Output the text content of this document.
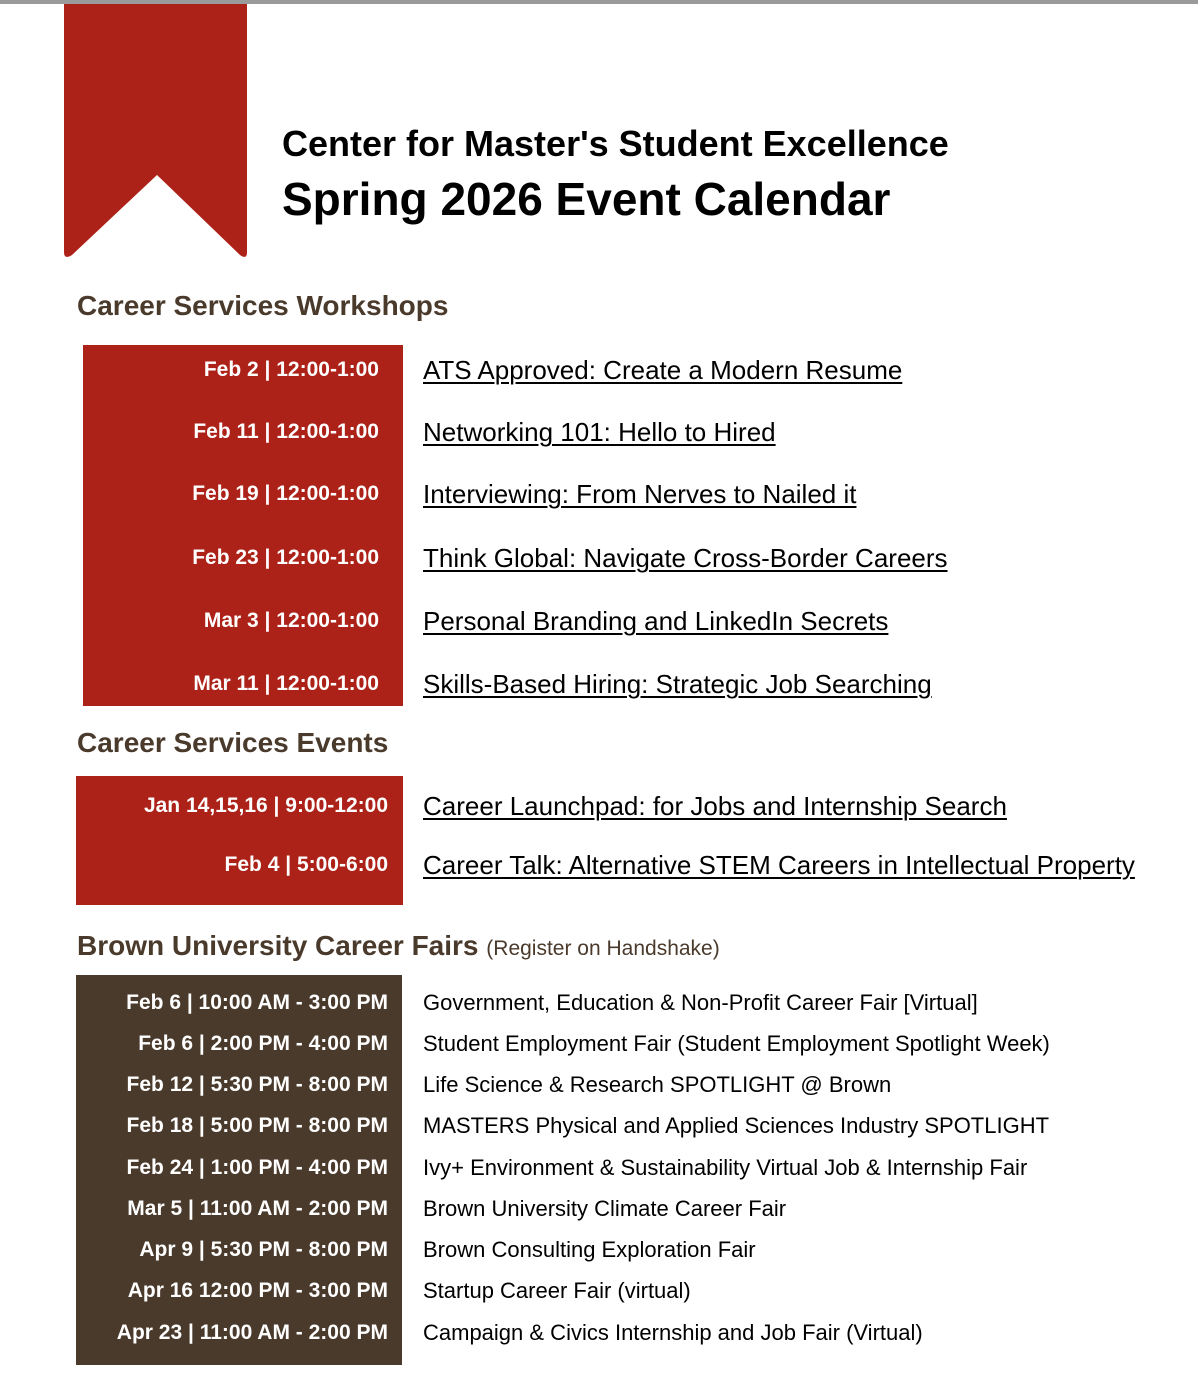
Center for Master's Student Excellence
Spring 2026 Event Calendar
Career Services Workshops
Feb 2 | 12:00-1:00 ATS Approved: Create a Modern Resume
Feb 11 | 12:00-1:00 Networking 101: Hello to Hired
Feb 19 | 12:00-1:00 Interviewing: From Nerves to Nailed it
Feb 23 | 12:00-1:00 Think Global: Navigate Cross-Border Careers
Mar 3 | 12:00-1:00 Personal Branding and LinkedIn Secrets
Mar 11 | 12:00-1:00 Skills-Based Hiring: Strategic Job Searching
Career Services Events
Jan 14,15,16 | 9:00-12:00 Career Launchpad: for Jobs and Internship Search
Feb 4 | 5:00-6:00 Career Talk: Alternative STEM Careers in Intellectual Property
Brown University Career Fairs (Register on Handshake)
Feb 6 | 10:00 AM - 3:00 PM Government, Education & Non-Profit Career Fair [Virtual]
Feb 6 | 2:00 PM - 4:00 PM Student Employment Fair (Student Employment Spotlight Week)
Feb 12 | 5:30 PM - 8:00 PM Life Science & Research SPOTLIGHT @ Brown
Feb 18 | 5:00 PM - 8:00 PM MASTERS Physical and Applied Sciences Industry SPOTLIGHT
Feb 24 | 1:00 PM - 4:00 PM Ivy+ Environment & Sustainability Virtual Job & Internship Fair
Mar 5 | 11:00 AM - 2:00 PM Brown University Climate Career Fair
Apr 9 | 5:30 PM - 8:00 PM Brown Consulting Exploration Fair
Apr 16 12:00 PM - 3:00 PM Startup Career Fair (virtual)
Apr 23 | 11:00 AM - 2:00 PM Campaign & Civics Internship and Job Fair (Virtual)
